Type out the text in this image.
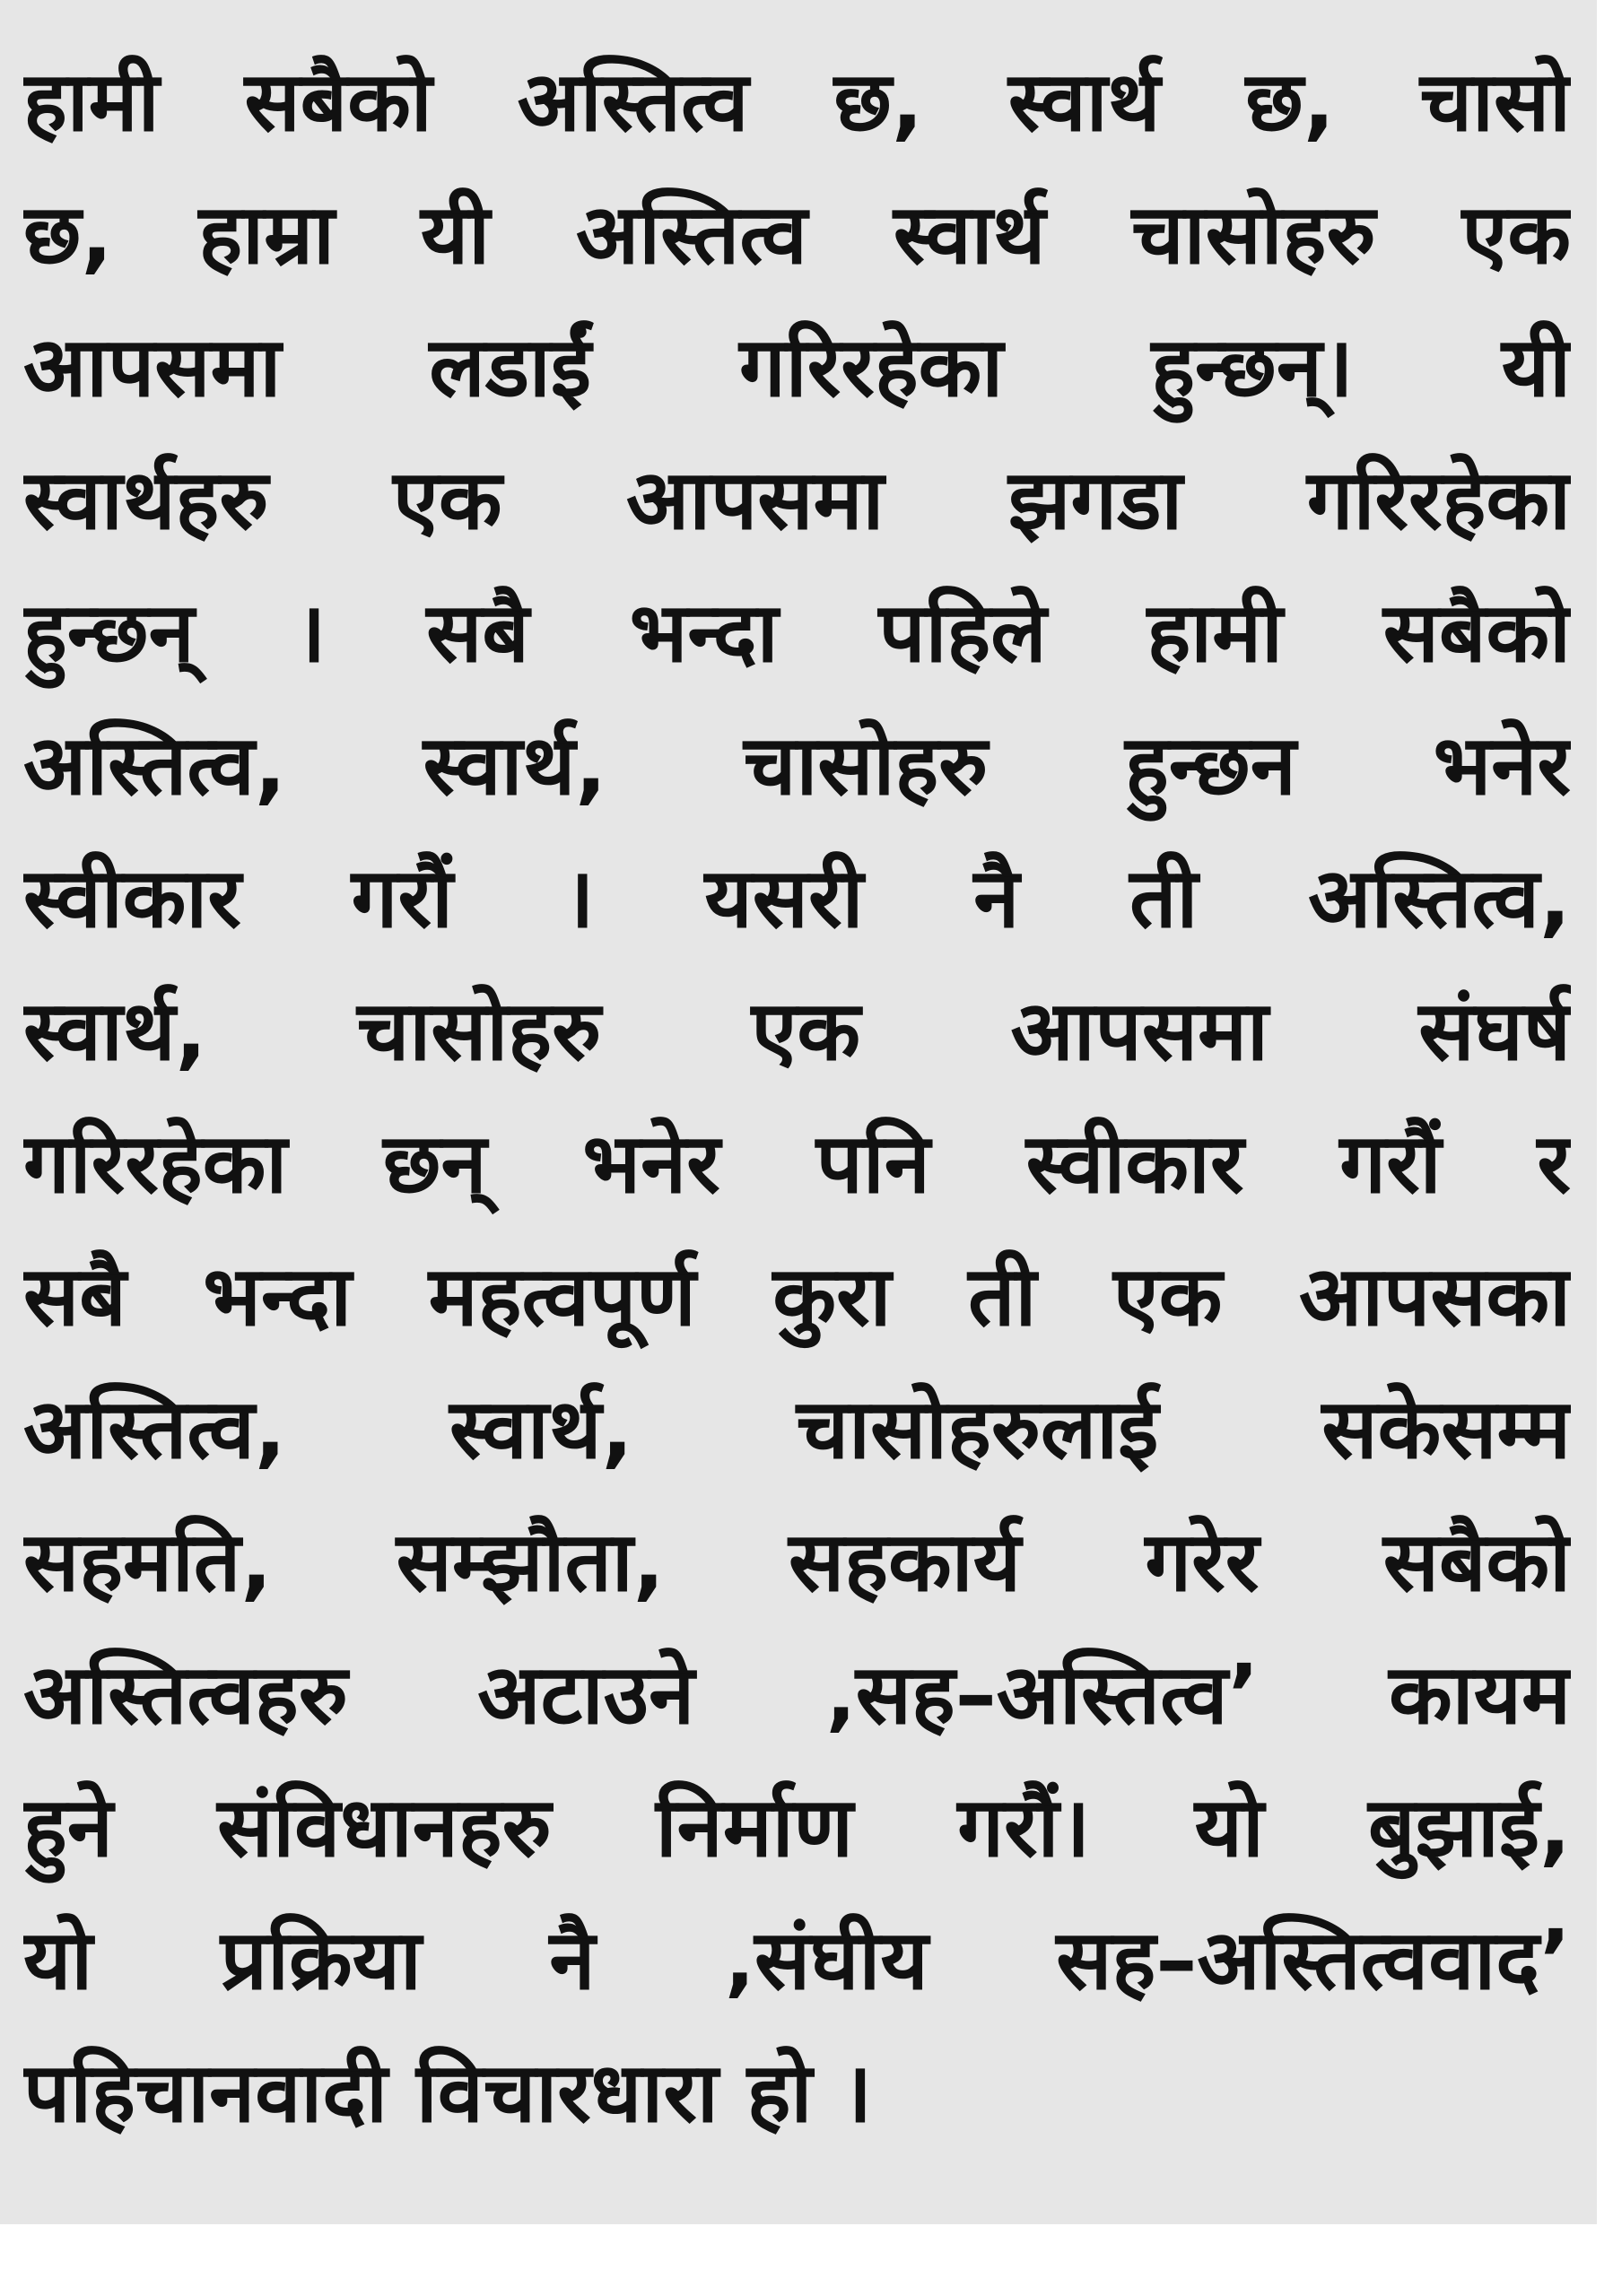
हामी सबैको अस्तित्व छ, स्वार्थ छ, चासो
छ, हाम्रा यी अस्तित्व स्वार्थ चासोहरु एक
आपसमा लडाईं गरिरहेका हुन्छन्। यी
स्वार्थहरु एक आपसमा झगडा गरिरहेका
हुन्छन् । सबै भन्दा पहिले हामी सबैको
अस्तित्व, स्वार्थ, चासोहरु हुन्छन भनेर
स्वीकार गरौं । यसरी नै ती अस्तित्व,
स्वार्थ, चासोहरु एक आपसमा संघर्ष
गरिरहेका छन् भनेर पनि स्वीकार गरौं र
सबै भन्दा महत्वपूर्ण कुरा ती एक आपसका
अस्तित्व, स्वार्थ, चासोहरुलाई सकेसम्म
सहमति, सम्झौता, सहकार्य गरेर सबैको
अस्तित्वहरु अटाउने ‚सह–अस्तित्व’ कायम
हुने संविधानहरु निर्माण गरौं। यो बुझाई,
यो प्रक्रिया नै ‚संघीय सह–अस्तित्ववाद’
पहिचानवादी विचारधारा हो ।
